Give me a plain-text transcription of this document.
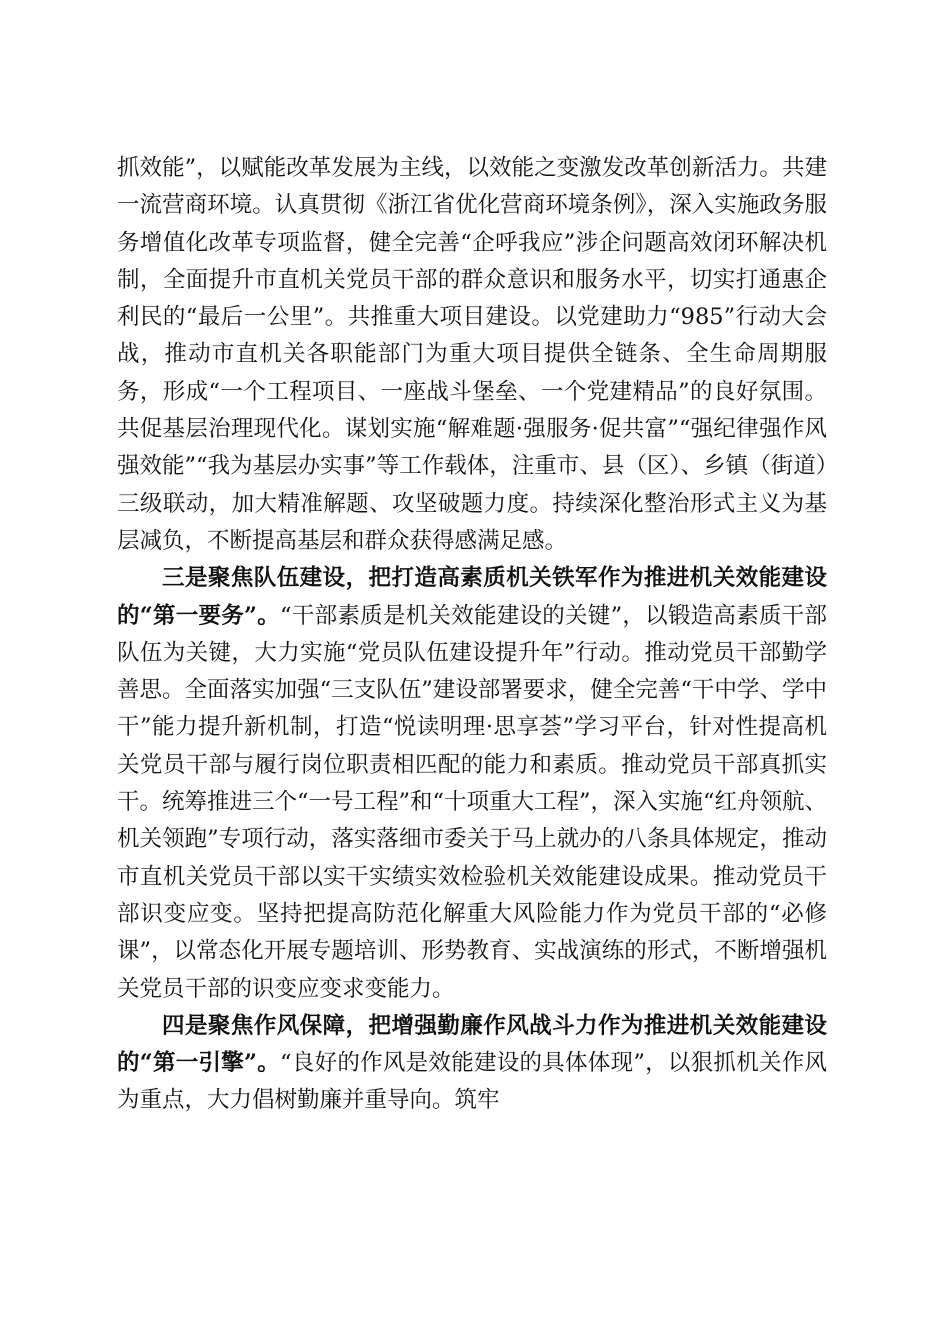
抓效能”，以赋能改革发展为主线，以效能之变激发改革创新活力。共建一流营商环境。认真贯彻《浙江省优化营商环境条例》，深入实施政务服务增值化改革专项监督，健全完善“企呼我应”涉企问题高效闭环解决机制，全面提升市直机关党员干部的群众意识和服务水平，切实打通惠企利民的“最后一公里”。共推重大项目建设。以党建助力“985”行动大会战，推动市直机关各职能部门为重大项目提供全链条、全生命周期服务，形成“一个工程项目、一座战斗堡垒、一个党建精品”的良好氛围。共促基层治理现代化。谋划实施“解难题·强服务·促共富”“强纪律强作风强效能”“我为基层办实事”等工作载体，注重市、县（区）、乡镇（街道）三级联动，加大精准解题、攻坚破题力度。持续深化整治形式主义为基层减负，不断提高基层和群众获得感满足感。

三是聚焦队伍建设，把打造高素质机关铁军作为推进机关效能建设的“第一要务”。“干部素质是机关效能建设的关键”，以锻造高素质干部队伍为关键，大力实施“党员队伍建设提升年”行动。推动党员干部勤学善思。全面落实加强“三支队伍”建设部署要求，健全完善“干中学、学中干”能力提升新机制，打造“悦读明理·思享荟”学习平台，针对性提高机关党员干部与履行岗位职责相匹配的能力和素质。推动党员干部真抓实干。统筹推进三个“一号工程”和“十项重大工程”，深入实施“红舟领航、机关领跑”专项行动，落实落细市委关于马上就办的八条具体规定，推动市直机关党员干部以实干实绩实效检验机关效能建设成果。推动党员干部识变应变。坚持把提高防范化解重大风险能力作为党员干部的“必修课”，以常态化开展专题培训、形势教育、实战演练的形式，不断增强机关党员干部的识变应变求变能力。

四是聚焦作风保障，把增强勤廉作风战斗力作为推进机关效能建设的“第一引擎”。“良好的作风是效能建设的具体体现”，以狠抓机关作风为重点，大力倡树勤廉并重导向。筑牢
